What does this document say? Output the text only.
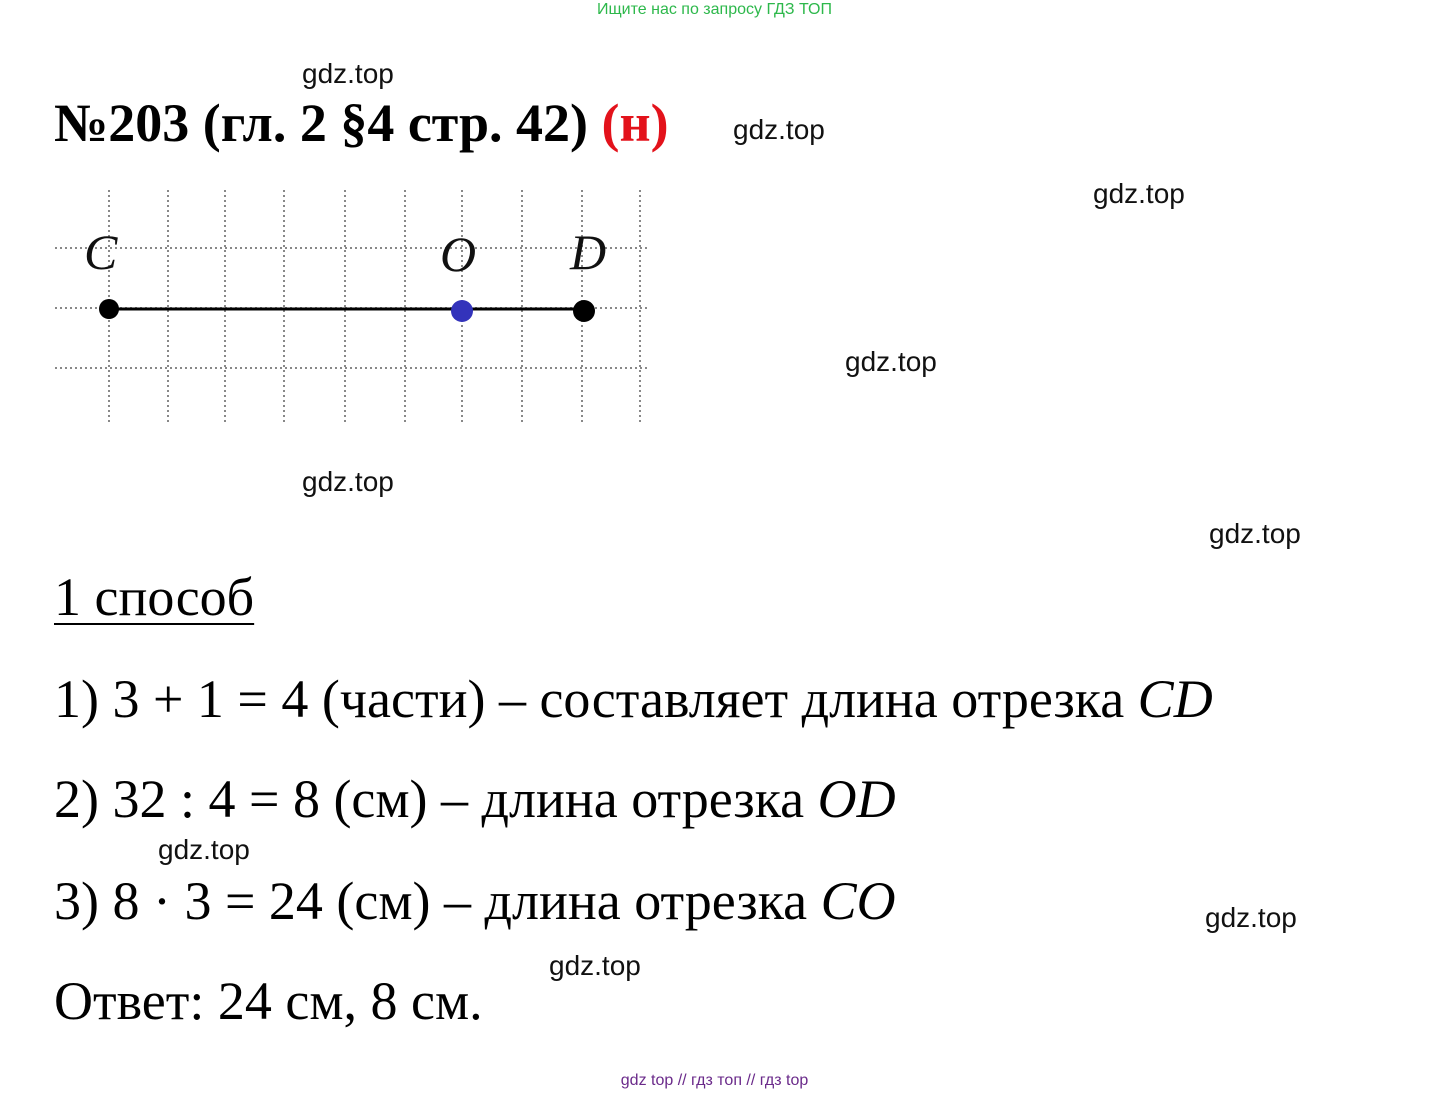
Ищите нас по запросу ГДЗ ТОП
№203 (гл. 2 §4 стр. 42) (н)
C	O D
1 способ
1) 3 + 1 = 4 (части) – составляет длина отрезка CD
2) 32 : 4 = 8 (см) – длина отрезка OD
3) 8 · 3 = 24 (см) – длина отрезка CO
Ответ: 24 см, 8 см.
gdz.top
gdz.top
gdz.top
gdz.top
gdz.top
gdz.top
gdz.top
gdz.top
gdz.top
gdz top // гдз топ // гдз top
